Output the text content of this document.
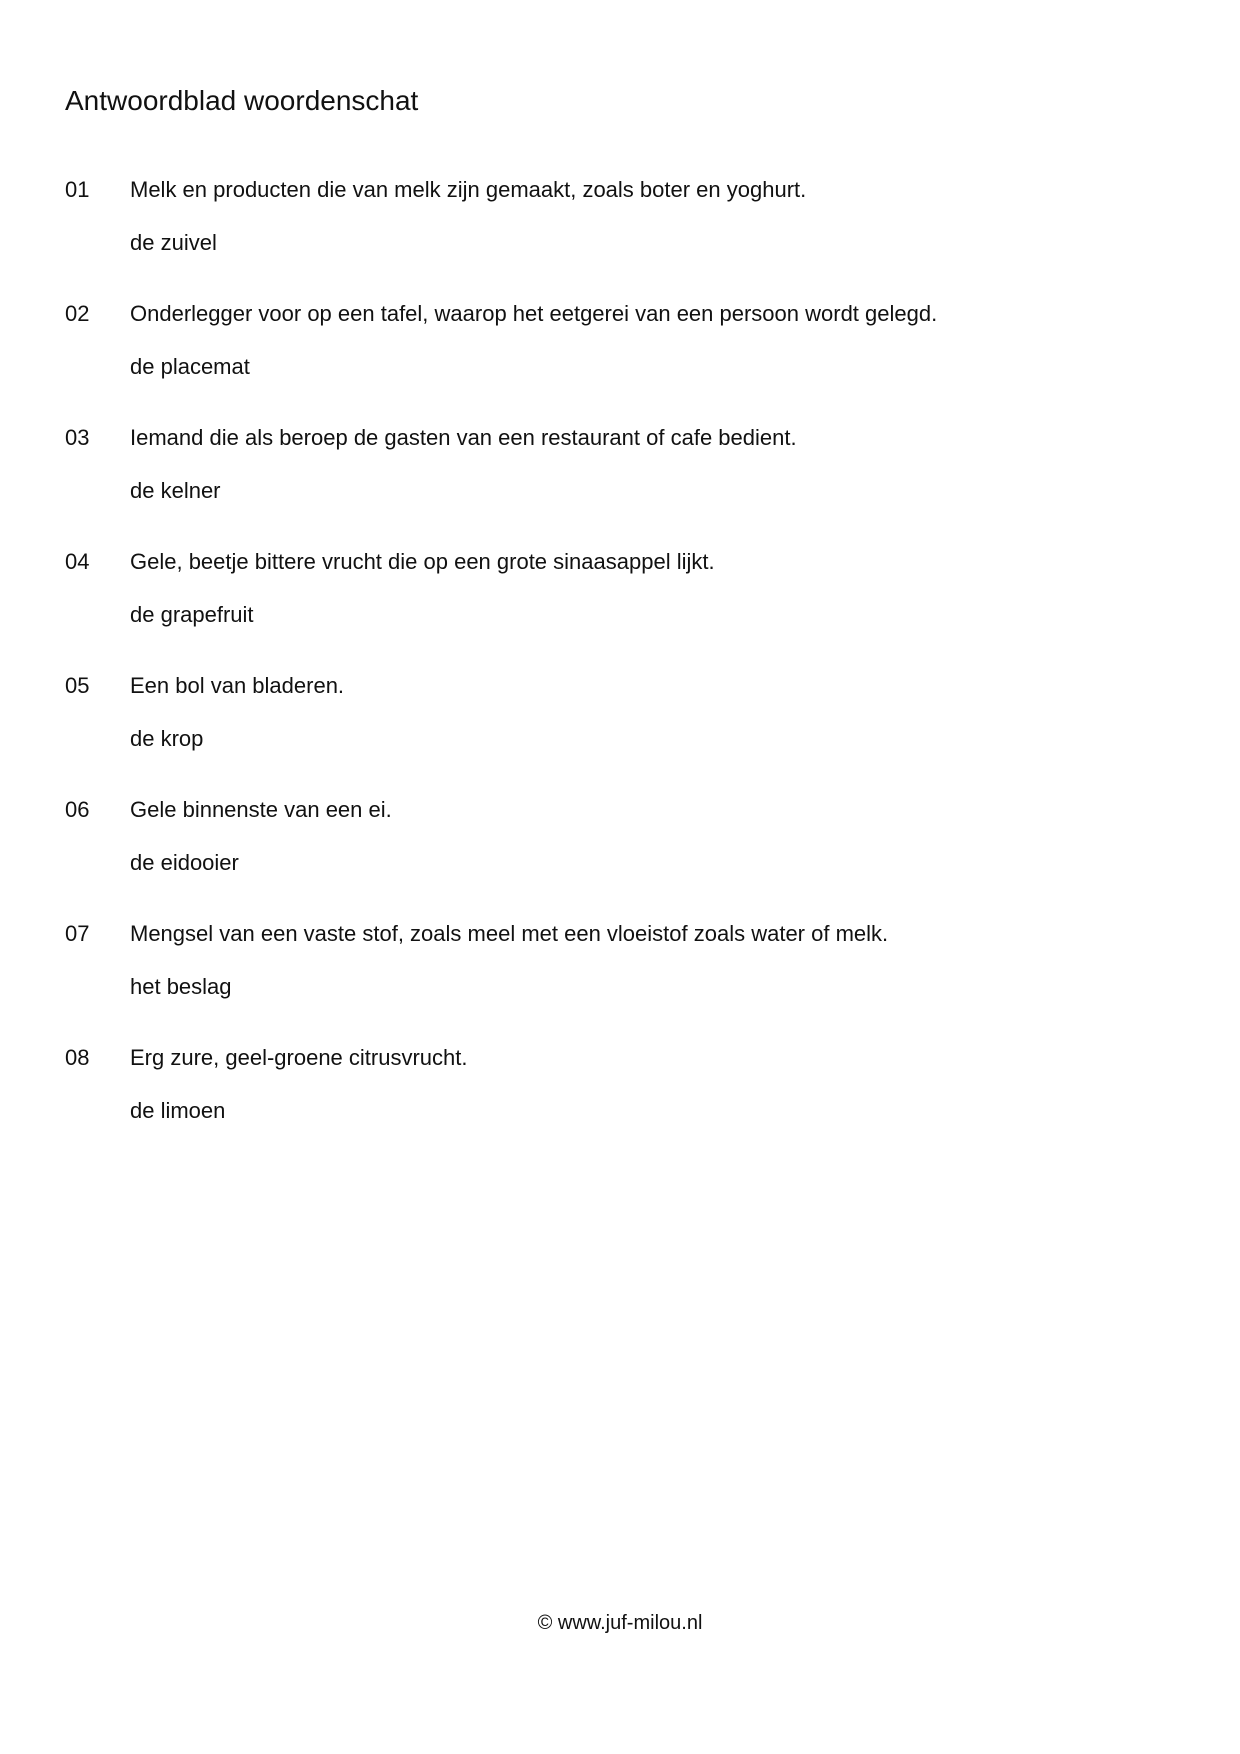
Antwoordblad woordenschat
01 Melk en producten die van melk zijn gemaakt, zoals boter en yoghurt.
de zuivel
02 Onderlegger voor op een tafel, waarop het eetgerei van een persoon wordt gelegd.
de placemat
03 Iemand die als beroep de gasten van een restaurant of cafe bedient.
de kelner
04 Gele, beetje bittere vrucht die op een grote sinaasappel lijkt.
de grapefruit
05 Een bol van bladeren.
de krop
06 Gele binnenste van een ei.
de eidooier
07 Mengsel van een vaste stof, zoals meel met een vloeistof zoals water of melk.
het beslag
08 Erg zure, geel-groene citrusvrucht.
de limoen
© www.juf-milou.nl
